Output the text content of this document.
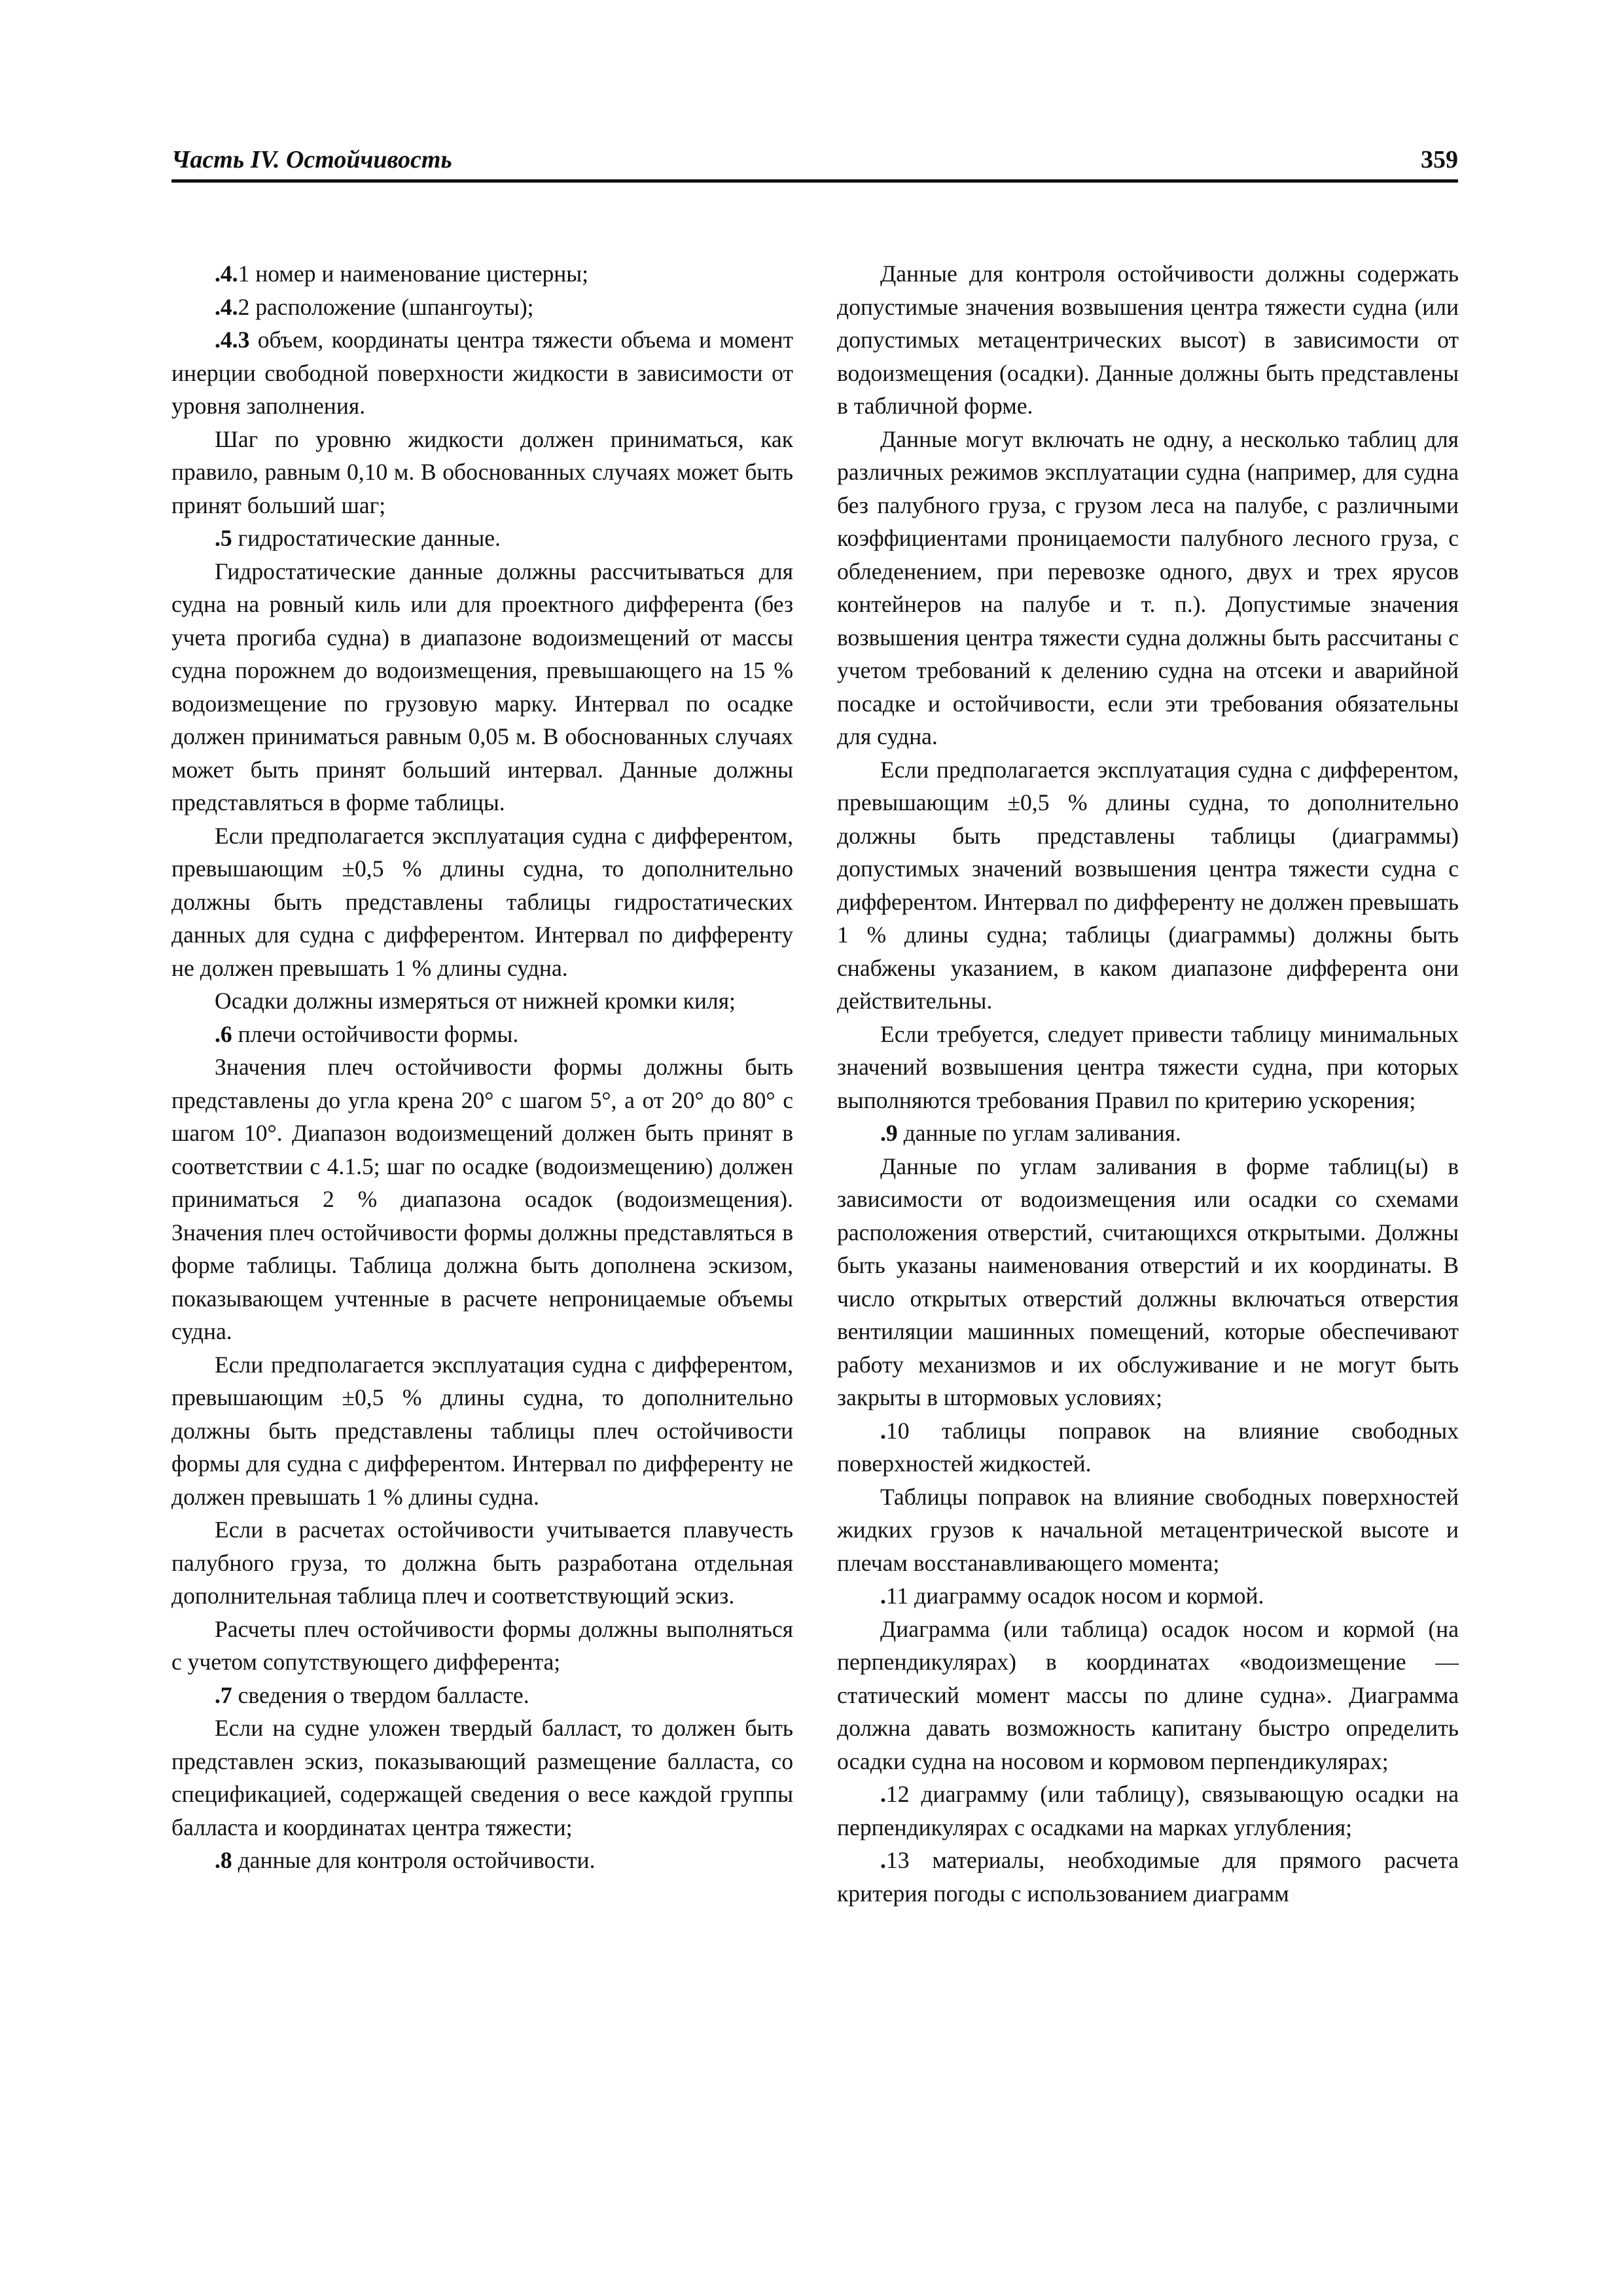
Часть IV. Остойчивость	359

.4.1 номер и наименование цистерны;

.4.2 расположение (шпангоуты);

.4.3 объем, координаты центра тяжести объема и момент инерции свободной поверхности жидкости в зависимости от уровня заполнения.

Шаг по уровню жидкости должен приниматься, как правило, равным 0,10 м. В обоснованных случаях может быть принят больший шаг;

.5 гидростатические данные.

Гидростатические данные должны рассчитываться для судна на ровный киль или для проектного дифферента (без учета прогиба судна) в диапазоне водоизмещений от массы судна порожнем до водоизмещения, превышающего на 15 % водоизмещение по грузовую марку. Интервал по осадке должен приниматься равным 0,05 м. В обоснованных случаях может быть принят больший интервал. Данные должны представляться в форме таблицы.

Если предполагается эксплуатация судна с дифферентом, превышающим ±0,5 % длины судна, то дополнительно должны быть представлены таблицы гидростатических данных для судна с дифферентом. Интервал по дифференту не должен превышать 1 % длины судна.

Осадки должны измеряться от нижней кромки киля;

.6 плечи остойчивости формы.

Значения плеч остойчивости формы должны быть представлены до угла крена 20° с шагом 5°, а от 20° до 80° с шагом 10°. Диапазон водоизмещений должен быть принят в соответствии с 4.1.5; шаг по осадке (водоизмещению) должен приниматься 2 % диапазона осадок (водоизмещения). Значения плеч остойчивости формы должны представляться в форме таблицы. Таблица должна быть дополнена эскизом, показывающем учтенные в расчете непроницаемые объемы судна.

Если предполагается эксплуатация судна с дифферентом, превышающим ±0,5 % длины судна, то дополнительно должны быть представлены таблицы плеч остойчивости формы для судна с дифферентом. Интервал по дифференту не должен превышать 1 % длины судна.

Если в расчетах остойчивости учитывается плавучесть палубного груза, то должна быть разработана отдельная дополнительная таблица плеч и соответствующий эскиз.

Расчеты плеч остойчивости формы должны выполняться с учетом сопутствующего дифферента;

.7 сведения о твердом балласте.

Если на судне уложен твердый балласт, то должен быть представлен эскиз, показывающий размещение балласта, со спецификацией, содержащей сведения о весе каждой группы балласта и координатах центра тяжести;

.8 данные для контроля остойчивости.

Данные для контроля остойчивости должны содержать допустимые значения возвышения центра тяжести судна (или допустимых метацентрических высот) в зависимости от водоизмещения (осадки). Данные должны быть представлены в табличной форме.

Данные могут включать не одну, а несколько таблиц для различных режимов эксплуатации судна (например, для судна без палубного груза, с грузом леса на палубе, с различными коэффициентами проницаемости палубного лесного груза, с обледенением, при перевозке одного, двух и трех ярусов контейнеров на палубе и т. п.). Допустимые значения возвышения центра тяжести судна должны быть рассчитаны с учетом требований к делению судна на отсеки и аварийной посадке и остойчивости, если эти требования обязательны для судна.

Если предполагается эксплуатация судна с дифферентом, превышающим ±0,5 % длины судна, то дополнительно должны быть представлены таблицы (диаграммы) допустимых значений возвышения центра тяжести судна с дифферентом. Интервал по дифференту не должен превышать 1 % длины судна; таблицы (диаграммы) должны быть снабжены указанием, в каком диапазоне дифферента они действительны.

Если требуется, следует привести таблицу минимальных значений возвышения центра тяжести судна, при которых выполняются требования Правил по критерию ускорения;

.9 данные по углам заливания.

Данные по углам заливания в форме таблиц(ы) в зависимости от водоизмещения или осадки со схемами расположения отверстий, считающихся открытыми. Должны быть указаны наименования отверстий и их координаты. В число открытых отверстий должны включаться отверстия вентиляции машинных помещений, которые обеспечивают работу механизмов и их обслуживание и не могут быть закрыты в штормовых условиях;

.10 таблицы поправок на влияние свободных поверхностей жидкостей.

Таблицы поправок на влияние свободных поверхностей жидких грузов к начальной метацентрической высоте и плечам восстанавливающего момента;

.11 диаграмму осадок носом и кормой.

Диаграмма (или таблица) осадок носом и кормой (на перпендикулярах) в координатах «водоизмещение — статический момент массы по длине судна». Диаграмма должна давать возможность капитану быстро определить осадки судна на носовом и кормовом перпендикулярах;

.12 диаграмму (или таблицу), связывающую осадки на перпендикулярах с осадками на марках углубления;

.13 материалы, необходимые для прямого расчета критерия погоды с использованием диаграмм
